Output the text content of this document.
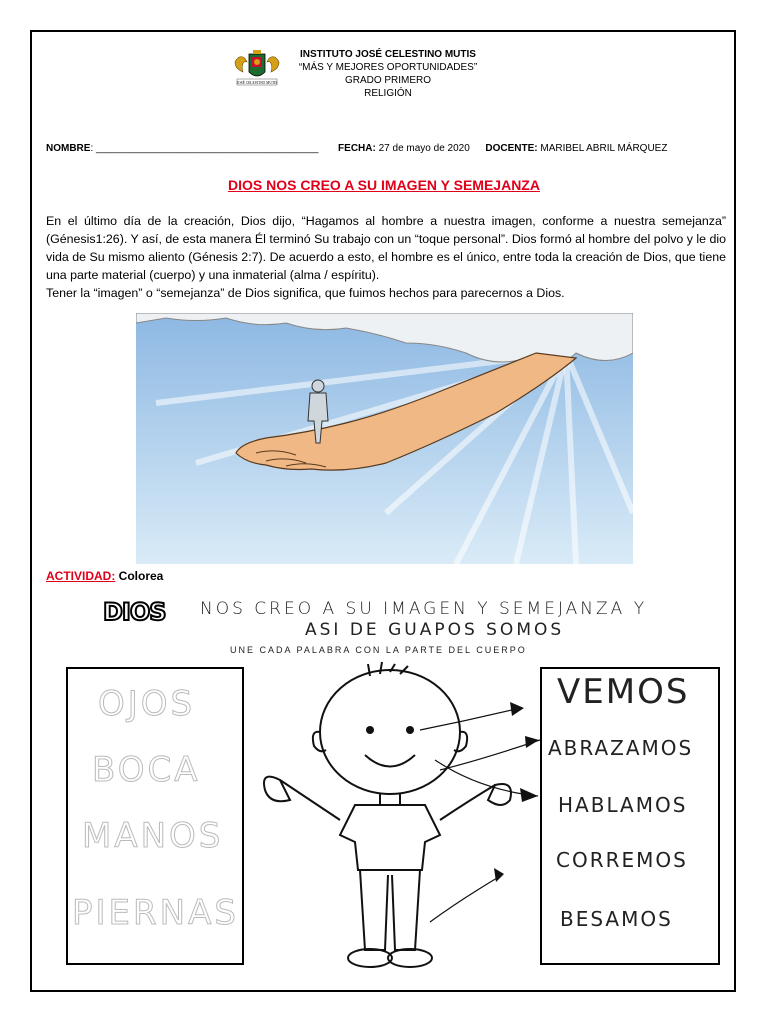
JOSÉ CELESTINO MUTIS
INSTITUTO JOSÉ CELESTINO MUTIS
“MÁS Y MEJORES OPORTUNIDADES”
GRADO PRIMERO
RELIGIÓN
NOMBRE: ________________________________________ FECHA: 27 de mayo de 2020 DOCENTE: MARIBEL ABRIL MÁRQUEZ
DIOS NOS CREO A SU IMAGEN Y SEMEJANZA
En el último día de la creación, Dios dijo, “Hagamos al hombre a nuestra imagen, conforme a nuestra semejanza” (Génesis1:26). Y así, de esta manera Él terminó Su trabajo con un “toque personal”. Dios formó al hombre del polvo y le dio vida de Su mismo aliento (Génesis 2:7). De acuerdo a esto, el hombre es el único, entre toda la creación de Dios, que tiene una parte material (cuerpo) y una inmaterial (alma / espíritu).
Tener la “imagen” o “semejanza” de Dios significa, que fuimos hechos para parecernos a Dios.
ACTIVIDAD: Colorea
DIOS NOS CREO A SU IMAGEN Y SEMEJANZA Y
ASI DE GUAPOS SOMOS
UNE CADA PALABRA CON LA PARTE DEL CUERPO
OJOS
BOCA
MANOS
PIERNAS
VEMOS
ABRAZAMOS
HABLAMOS
CORREMOS
BESAMOS
